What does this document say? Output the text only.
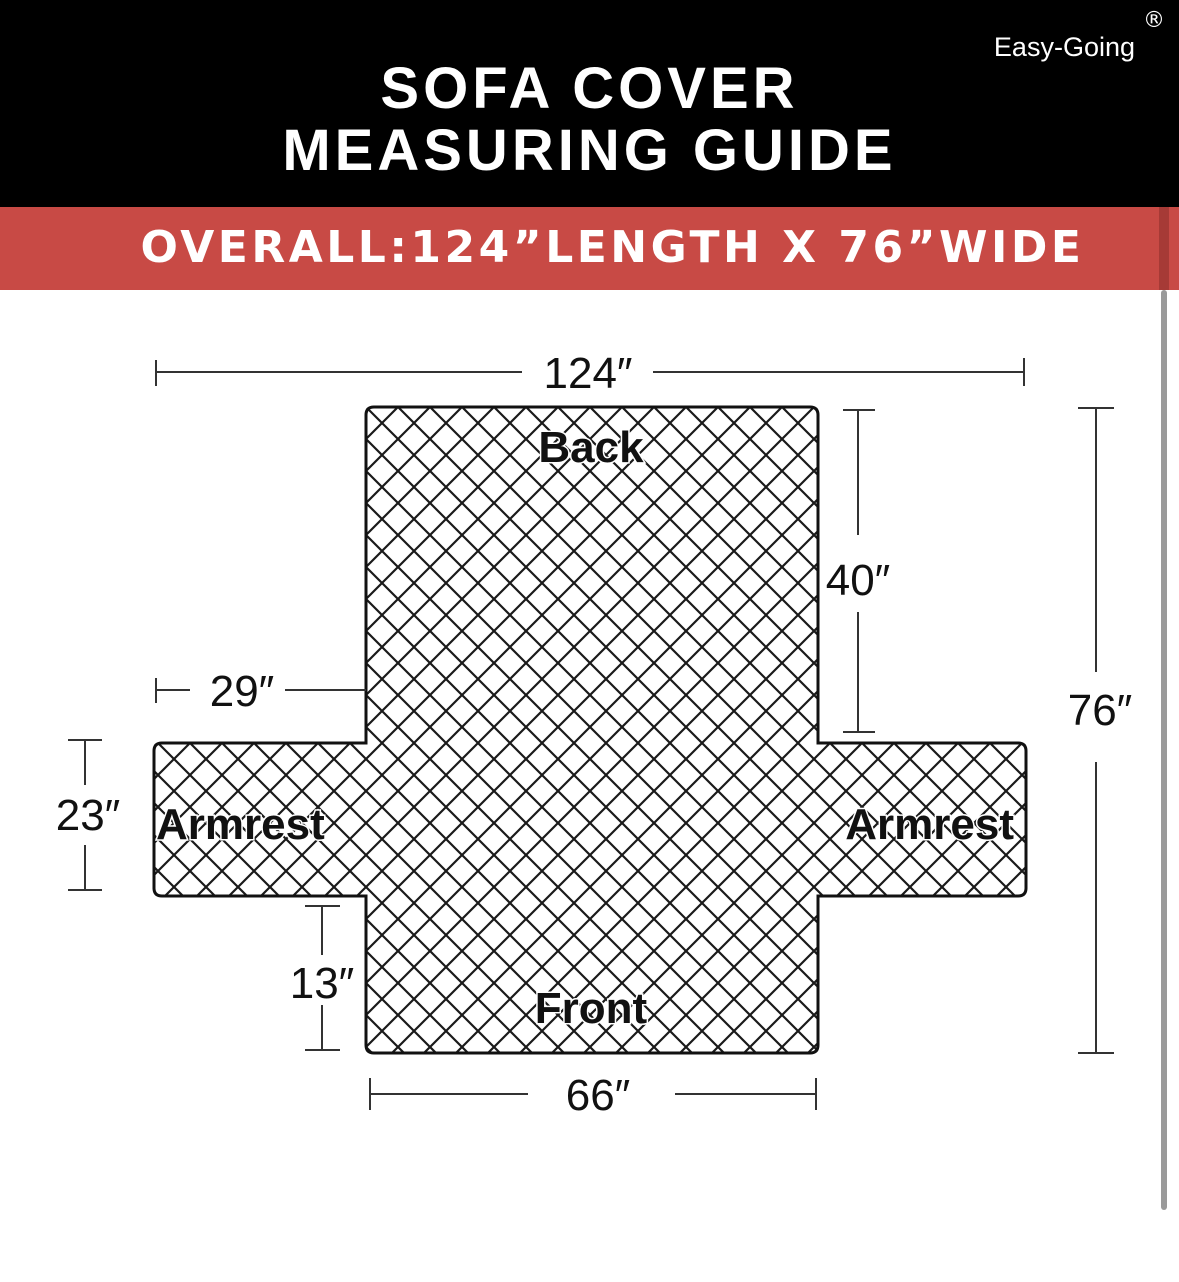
Easy-Going
®
SOFA COVER
MEASURING GUIDE
OVERALL:124”LENGTH X 76”WIDE
Back
Front
Armrest	Armrest
124″
40″
76″
29″
23″
13″
66″
